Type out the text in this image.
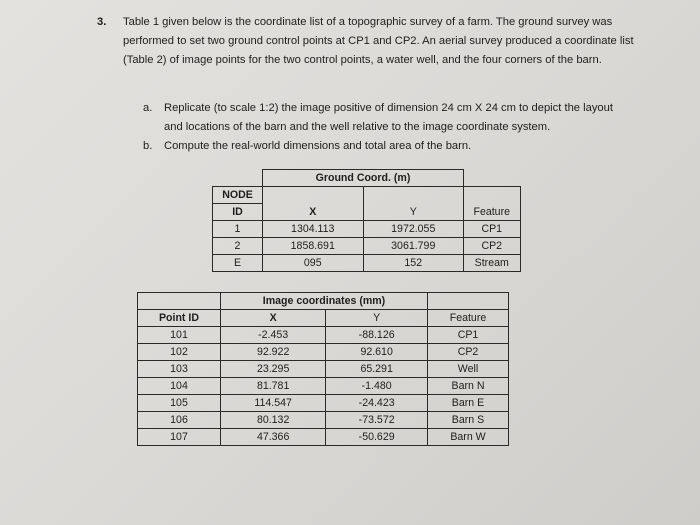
3. Table 1 given below is the coordinate list of a topographic survey of a farm. The ground survey was performed to set two ground control points at CP1 and CP2. An aerial survey produced a coordinate list (Table 2) of image points for the two control points, a water well, and the four corners of the barn.
a. Replicate (to scale 1:2) the image positive of dimension 24 cm X 24 cm to depict the layout and locations of the barn and the well relative to the image coordinate system.
b. Compute the real-world dimensions and total area of the barn.
	Ground Coord. (m)		
NODE			
ID	X	Y	Feature
1	1304.113	1972.055	CP1
2	1858.691	3061.799	CP2
E	095	152	Stream
	Image coordinates (mm)		
Point ID	X	Y	Feature
101	-2.453	-88.126	CP1
102	92.922	92.610	CP2
103	23.295	65.291	Well
104	81.781	-1.480	Barn N
105	114.547	-24.423	Barn E
106	80.132	-73.572	Barn S
107	47.366	-50.629	Barn W
